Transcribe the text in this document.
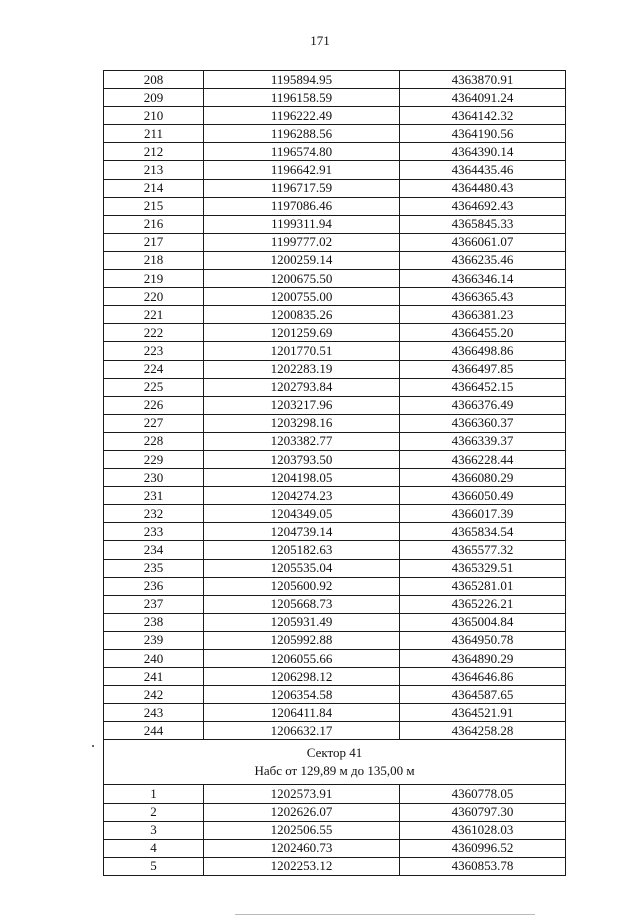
171
208	1195894.95	4363870.91
209	1196158.59	4364091.24
210	1196222.49	4364142.32
211	1196288.56	4364190.56
212	1196574.80	4364390.14
213	1196642.91	4364435.46
214	1196717.59	4364480.43
215	1197086.46	4364692.43
216	1199311.94	4365845.33
217	1199777.02	4366061.07
218	1200259.14	4366235.46
219	1200675.50	4366346.14
220	1200755.00	4366365.43
221	1200835.26	4366381.23
222	1201259.69	4366455.20
223	1201770.51	4366498.86
224	1202283.19	4366497.85
225	1202793.84	4366452.15
226	1203217.96	4366376.49
227	1203298.16	4366360.37
228	1203382.77	4366339.37
229	1203793.50	4366228.44
230	1204198.05	4366080.29
231	1204274.23	4366050.49
232	1204349.05	4366017.39
233	1204739.14	4365834.54
234	1205182.63	4365577.32
235	1205535.04	4365329.51
236	1205600.92	4365281.01
237	1205668.73	4365226.21
238	1205931.49	4365004.84
239	1205992.88	4364950.78
240	1206055.66	4364890.29
241	1206298.12	4364646.86
242	1206354.58	4364587.65
243	1206411.84	4364521.91
244	1206632.17	4364258.28

Сектор 41
Набс от 129,89 м до 135,00 м		

1	1202573.91	4360778.05
2	1202626.07	4360797.30
3	1202506.55	4361028.03
4	1202460.73	4360996.52
5	1202253.12	4360853.78
